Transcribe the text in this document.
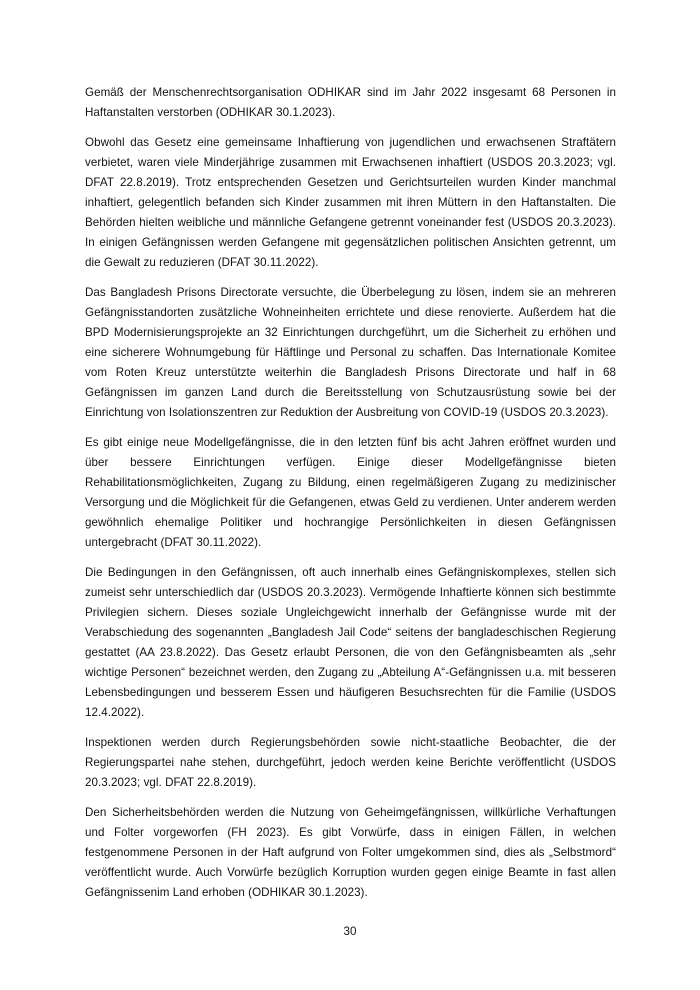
Gemäß der Menschenrechtsorganisation ODHIKAR sind im Jahr 2022 insgesamt 68 Personen in Haftanstalten verstorben (ODHIKAR 30.1.2023).

Obwohl das Gesetz eine gemeinsame Inhaftierung von jugendlichen und erwachsenen Straftätern verbietet, waren viele Minderjährige zusammen mit Erwachsenen inhaftiert (USDOS 20.3.2023; vgl. DFAT 22.8.2019). Trotz entsprechenden Gesetzen und Gerichtsurteilen wurden Kinder manchmal inhaftiert, gelegentlich befanden sich Kinder zusammen mit ihren Müttern in den Haftanstalten. Die Behörden hielten weibliche und männliche Gefangene getrennt voneinander fest (USDOS 20.3.2023). In einigen Gefängnissen werden Gefangene mit gegensätzlichen politischen Ansichten getrennt, um die Gewalt zu reduzieren (DFAT 30.11.2022).

Das Bangladesh Prisons Directorate versuchte, die Überbelegung zu lösen, indem sie an mehreren Gefängnisstandorten zusätzliche Wohneinheiten errichtete und diese renovierte. Außerdem hat die BPD Modernisierungsprojekte an 32 Einrichtungen durchgeführt, um die Sicherheit zu erhöhen und eine sicherere Wohnumgebung für Häftlinge und Personal zu schaffen. Das Internationale Komitee vom Roten Kreuz unterstützte weiterhin die Bangladesh Prisons Directorate und half in 68 Gefängnissen im ganzen Land durch die Bereitsstellung von Schutzausrüstung sowie bei der Einrichtung von Isolationszentren zur Reduktion der Ausbreitung von COVID-19 (USDOS 20.3.2023).

Es gibt einige neue Modellgefängnisse, die in den letzten fünf bis acht Jahren eröffnet wurden und über bessere Einrichtungen verfügen. Einige dieser Modellgefängnisse bieten Rehabilitationsmöglichkeiten, Zugang zu Bildung, einen regelmäßigeren Zugang zu medizinischer Versorgung und die Möglichkeit für die Gefangenen, etwas Geld zu verdienen. Unter anderem werden gewöhnlich ehemalige Politiker und hochrangige Persönlichkeiten in diesen Gefängnissen untergebracht (DFAT 30.11.2022).

Die Bedingungen in den Gefängnissen, oft auch innerhalb eines Gefängniskomplexes, stellen sich zumeist sehr unterschiedlich dar (USDOS 20.3.2023). Vermögende Inhaftierte können sich bestimmte Privilegien sichern. Dieses soziale Ungleichgewicht innerhalb der Gefängnisse wurde mit der Verabschiedung des sogenannten „Bangladesh Jail Code“ seitens der bangladeschischen Regierung gestattet (AA 23.8.2022). Das Gesetz erlaubt Personen, die von den Gefängnisbeamten als „sehr wichtige Personen“ bezeichnet werden, den Zugang zu „Abteilung A“-Gefängnissen u.a. mit besseren Lebensbedingungen und besserem Essen und häufigeren Besuchsrechten für die Familie (USDOS 12.4.2022).

Inspektionen werden durch Regierungsbehörden sowie nicht-staatliche Beobachter, die der Regierungspartei nahe stehen, durchgeführt, jedoch werden keine Berichte veröffentlicht (USDOS 20.3.2023; vgl. DFAT 22.8.2019).

Den Sicherheitsbehörden werden die Nutzung von Geheimgefängnissen, willkürliche Verhaftungen und Folter vorgeworfen (FH 2023). Es gibt Vorwürfe, dass in einigen Fällen, in welchen festgenommene Personen in der Haft aufgrund von Folter umgekommen sind, dies als „Selbstmord“ veröffentlicht wurde. Auch Vorwürfe bezüglich Korruption wurden gegen einige Beamte in fast allen Gefängnissenim Land erhoben (ODHIKAR 30.1.2023).

30
